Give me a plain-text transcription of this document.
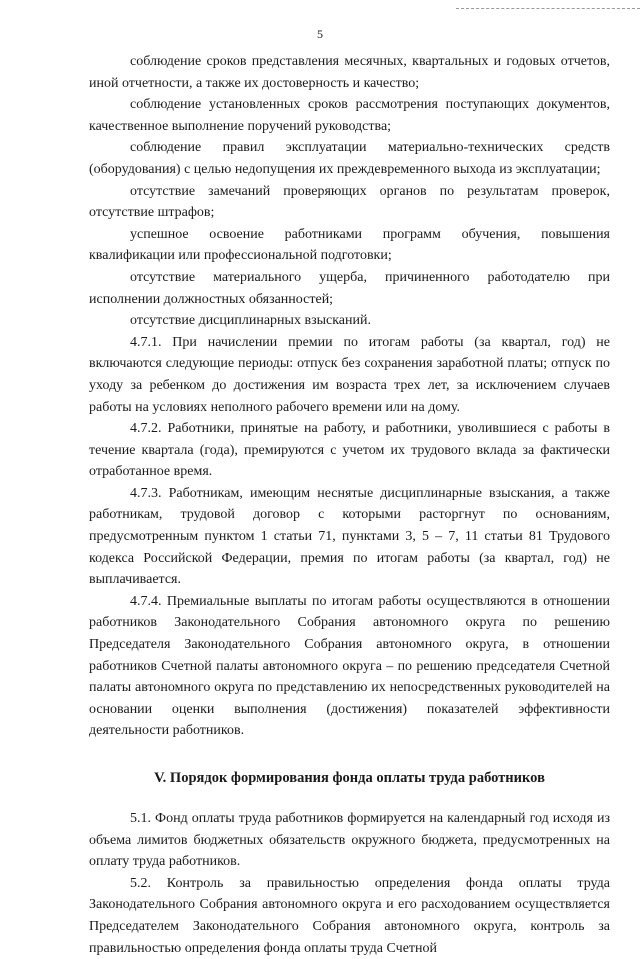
5

соблюдение сроков представления месячных, квартальных и годовых отчетов, иной отчетности, а также их достоверность и качество;

соблюдение установленных сроков рассмотрения поступающих документов, качественное выполнение поручений руководства;

соблюдение правил эксплуатации материально-технических средств (оборудования) с целью недопущения их преждевременного выхода из эксплуатации;

отсутствие замечаний проверяющих органов по результатам проверок, отсутствие штрафов;

успешное освоение работниками программ обучения, повышения квалификации или профессиональной подготовки;

отсутствие материального ущерба, причиненного работодателю при исполнении должностных обязанностей;

отсутствие дисциплинарных взысканий.

4.7.1. При начислении премии по итогам работы (за квартал, год) не включаются следующие периоды: отпуск без сохранения заработной платы; отпуск по уходу за ребенком до достижения им возраста трех лет, за исключением случаев работы на условиях неполного рабочего времени или на дому.

4.7.2. Работники, принятые на работу, и работники, уволившиеся с работы в течение квартала (года), премируются с учетом их трудового вклада за фактически отработанное время.

4.7.3. Работникам, имеющим неснятые дисциплинарные взыскания, а также работникам, трудовой договор с которыми расторгнут по основаниям, предусмотренным пунктом 1 статьи 71, пунктами 3, 5 – 7, 11 статьи 81 Трудового кодекса Российской Федерации, премия по итогам работы (за квартал, год) не выплачивается.

4.7.4. Премиальные выплаты по итогам работы осуществляются в отношении работников Законодательного Собрания автономного округа по решению Председателя Законодательного Собрания автономного округа, в отношении работников Счетной палаты автономного округа – по решению председателя Счетной палаты автономного округа по представлению их непосредственных руководителей на основании оценки выполнения (достижения) показателей эффективности деятельности работников.

V. Порядок формирования фонда оплаты труда работников

5.1. Фонд оплаты труда работников формируется на календарный год исходя из объема лимитов бюджетных обязательств окружного бюджета, предусмотренных на оплату труда работников.

5.2. Контроль за правильностью определения фонда оплаты труда Законодательного Собрания автономного округа и его расходованием осуществляется Председателем Законодательного Собрания автономного округа, контроль за правильностью определения фонда оплаты труда Счетной
